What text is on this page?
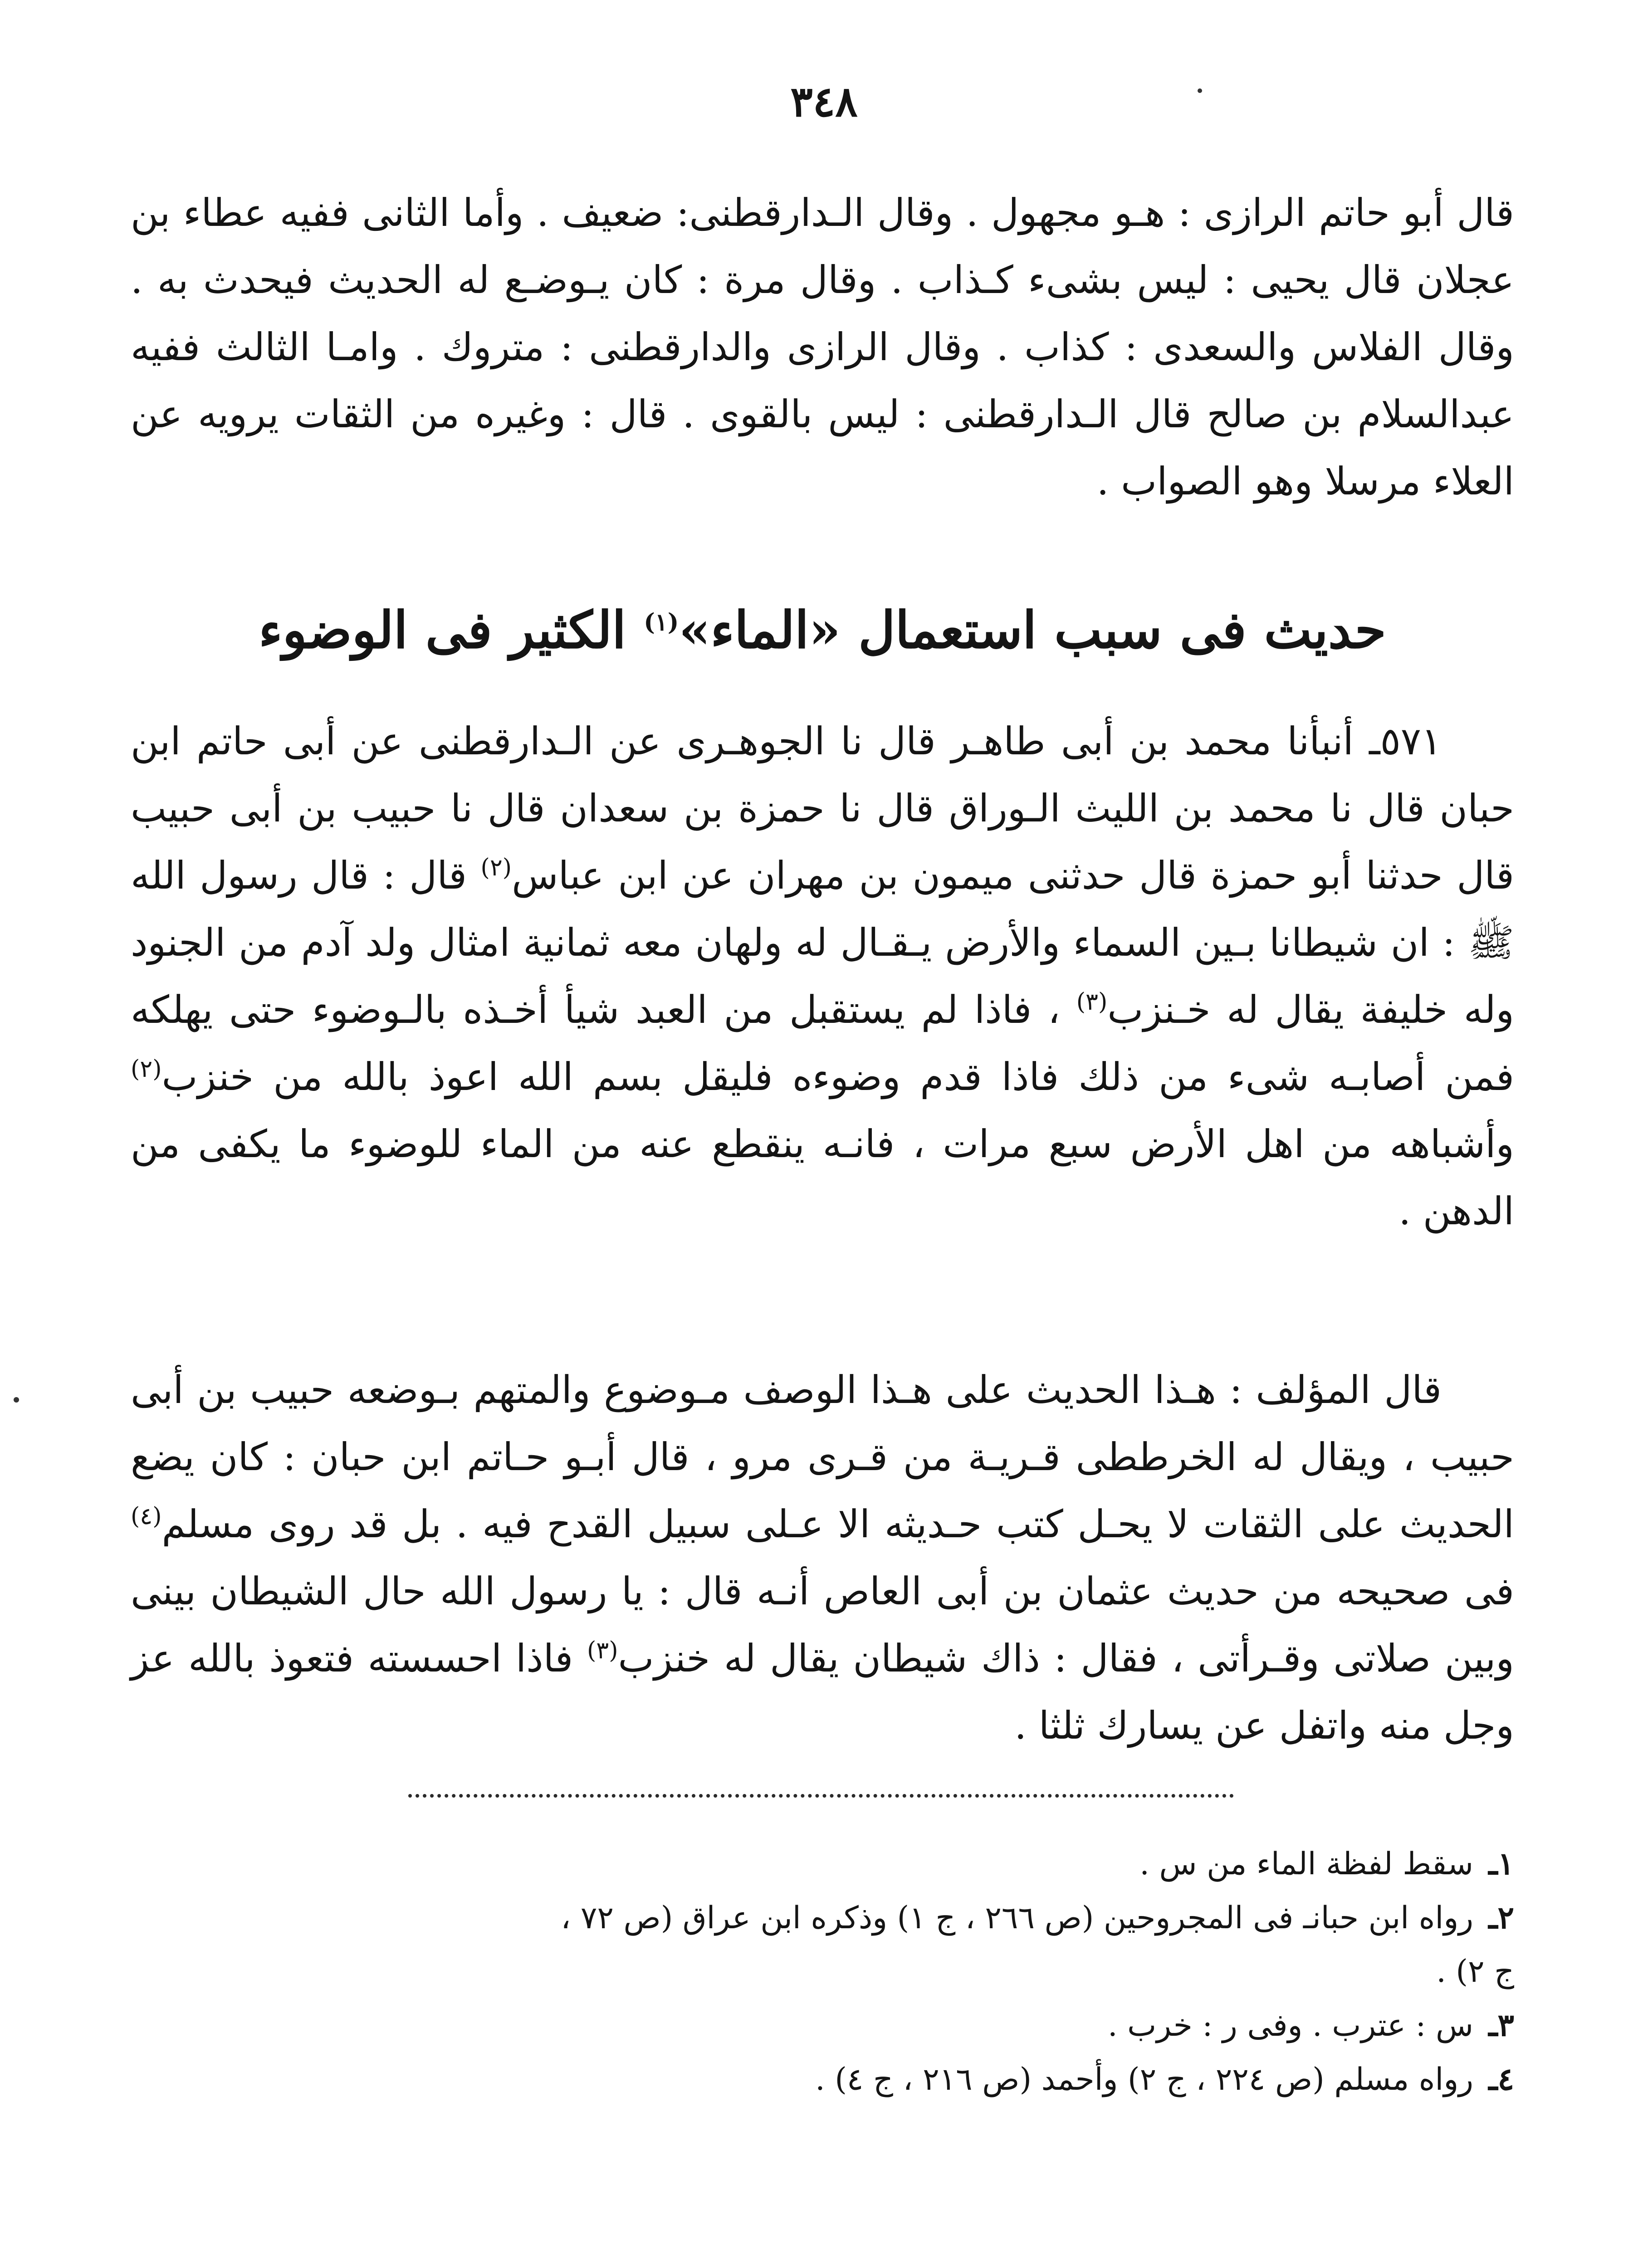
٣٤٨

قال أبو حاتم الرازى : هـو مجهول . وقال الـدارقطنى: ضعيف . وأما الثانى ففيه عطاء بن عجلان قال يحيى : ليس بشىء كـذاب . وقال مرة : كان يـوضـع له الحديث فيحدث به . وقال الفلاس والسعدى : كذاب . وقال الرازى والدارقطنى : متروك . وامـا الثالث ففيه عبدالسلام بن صالح قال الـدارقطنى : ليس بالقوى . قال : وغيره من الثقات يرويه عن العلاء مرسلا وهو الصواب .

حديث فى سبب استعمال «الماء»$^{(١)}$ الكثير فى الوضوء

٥٧١ـ أنبأنا محمد بن أبى طاهـر قال نا الجوهـرى عن الـدارقطنى عن أبى حاتم ابن حبان قال نا محمد بن الليث الـوراق قال نا حمزة بن سعدان قال نا حبيب بن أبى حبيب قال حدثنا أبو حمزة قال حدثنى ميمون بن مهران عن ابن عباس$^{(٢)}$ قال : قال رسول الله ﷺ : ان شيطانا بـين السماء والأرض يـقـال له ولهان معه ثمانية امثال ولد آدم من الجنود وله خليفة يقال له خـنزب$^{(٣)}$ ، فاذا لم يستقبل من العبد شيأ أخـذه بالـوضوء حتى يهلكه فمن أصابـه شىء من ذلك فاذا قدم وضوءه فليقل بسم الله اعوذ بالله من خنزب$^{(٢)}$ وأشباهه من اهل الأرض سبع مرات ، فانـه ينقطع عنه من الماء للوضوء ما يكفى من الدهن .

قال المؤلف : هـذا الحديث على هـذا الوصف مـوضوع والمتهم بـوضعه حبيب بن أبى حبيب ، ويقال له الخرططى قـريـة من قـرى مرو ، قال أبـو حـاتم ابن حبان : كان يضع الحديث على الثقات لا يحـل كتب حـديثه الا عـلى سبيل القدح فيه . بل قد روى مسلم$^{(٤)}$ فى صحيحه من حديث عثمان بن أبى العاص أنـه قال : يا رسول الله حال الشيطان بينى وبين صلاتى وقـرأتى ، فقال : ذاك شيطان يقال له خنزب$^{(٣)}$ فاذا احسسته فتعوذ بالله عز وجل منه واتفل عن يسارك ثلثا .

١ـسقط لفظة الماء من س .
٢ـرواه ابن حبانـ فى المجروحين (ص ٢٦٦ ، ج ١) وذكره ابن عراق (ص ٧٢ ،
ج ٢) .
٣ـس : عترب . وفى ر : خرب .
٤ـرواه مسلم (ص ٢٢٤ ، ج ٢) وأحمد (ص ٢١٦ ، ج ٤) .
